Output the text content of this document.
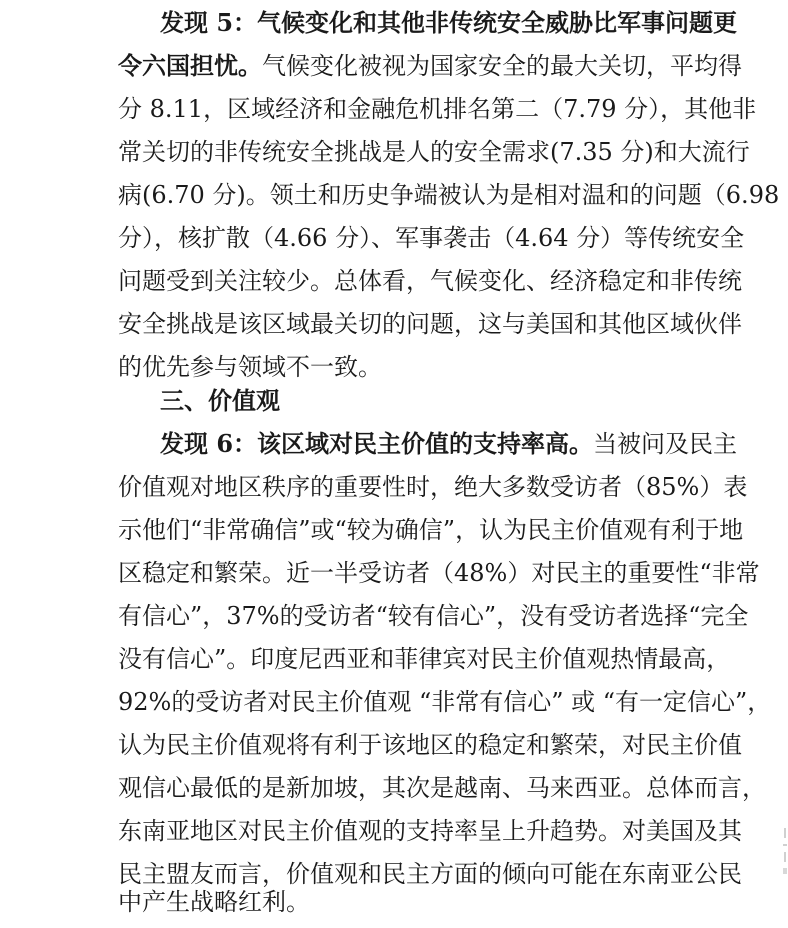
发现 5：气候变化和其他非传统安全威胁比军事问题更
令六国担忧。气候变化被视为国家安全的最大关切，平均得
分 8.11，区域经济和金融危机排名第二（7.79 分），其他非
常关切的非传统安全挑战是人的安全需求(7.35 分)和大流行
病(6.70 分)。领土和历史争端被认为是相对温和的问题（6.98
分），核扩散（4.66 分）、军事袭击（4.64 分）等传统安全
问题受到关注较少。总体看，气候变化、经济稳定和非传统
安全挑战是该区域最关切的问题，这与美国和其他区域伙伴
的优先参与领域不一致。
三、价值观
发现 6：该区域对民主价值的支持率高。当被问及民主
价值观对地区秩序的重要性时，绝大多数受访者（85%）表
示他们“非常确信”或“较为确信”，认为民主价值观有利于地
区稳定和繁荣。近一半受访者（48%）对民主的重要性“非常
有信心”，37%的受访者“较有信心”，没有受访者选择“完全
没有信心”。印度尼西亚和菲律宾对民主价值观热情最高，
92%的受访者对民主价值观 “非常有信心” 或 “有一定信心”，
认为民主价值观将有利于该地区的稳定和繁荣，对民主价值
观信心最低的是新加坡，其次是越南、马来西亚。总体而言，
东南亚地区对民主价值观的支持率呈上升趋势。对美国及其
民主盟友而言，价值观和民主方面的倾向可能在东南亚公民
中产生战略红利。
